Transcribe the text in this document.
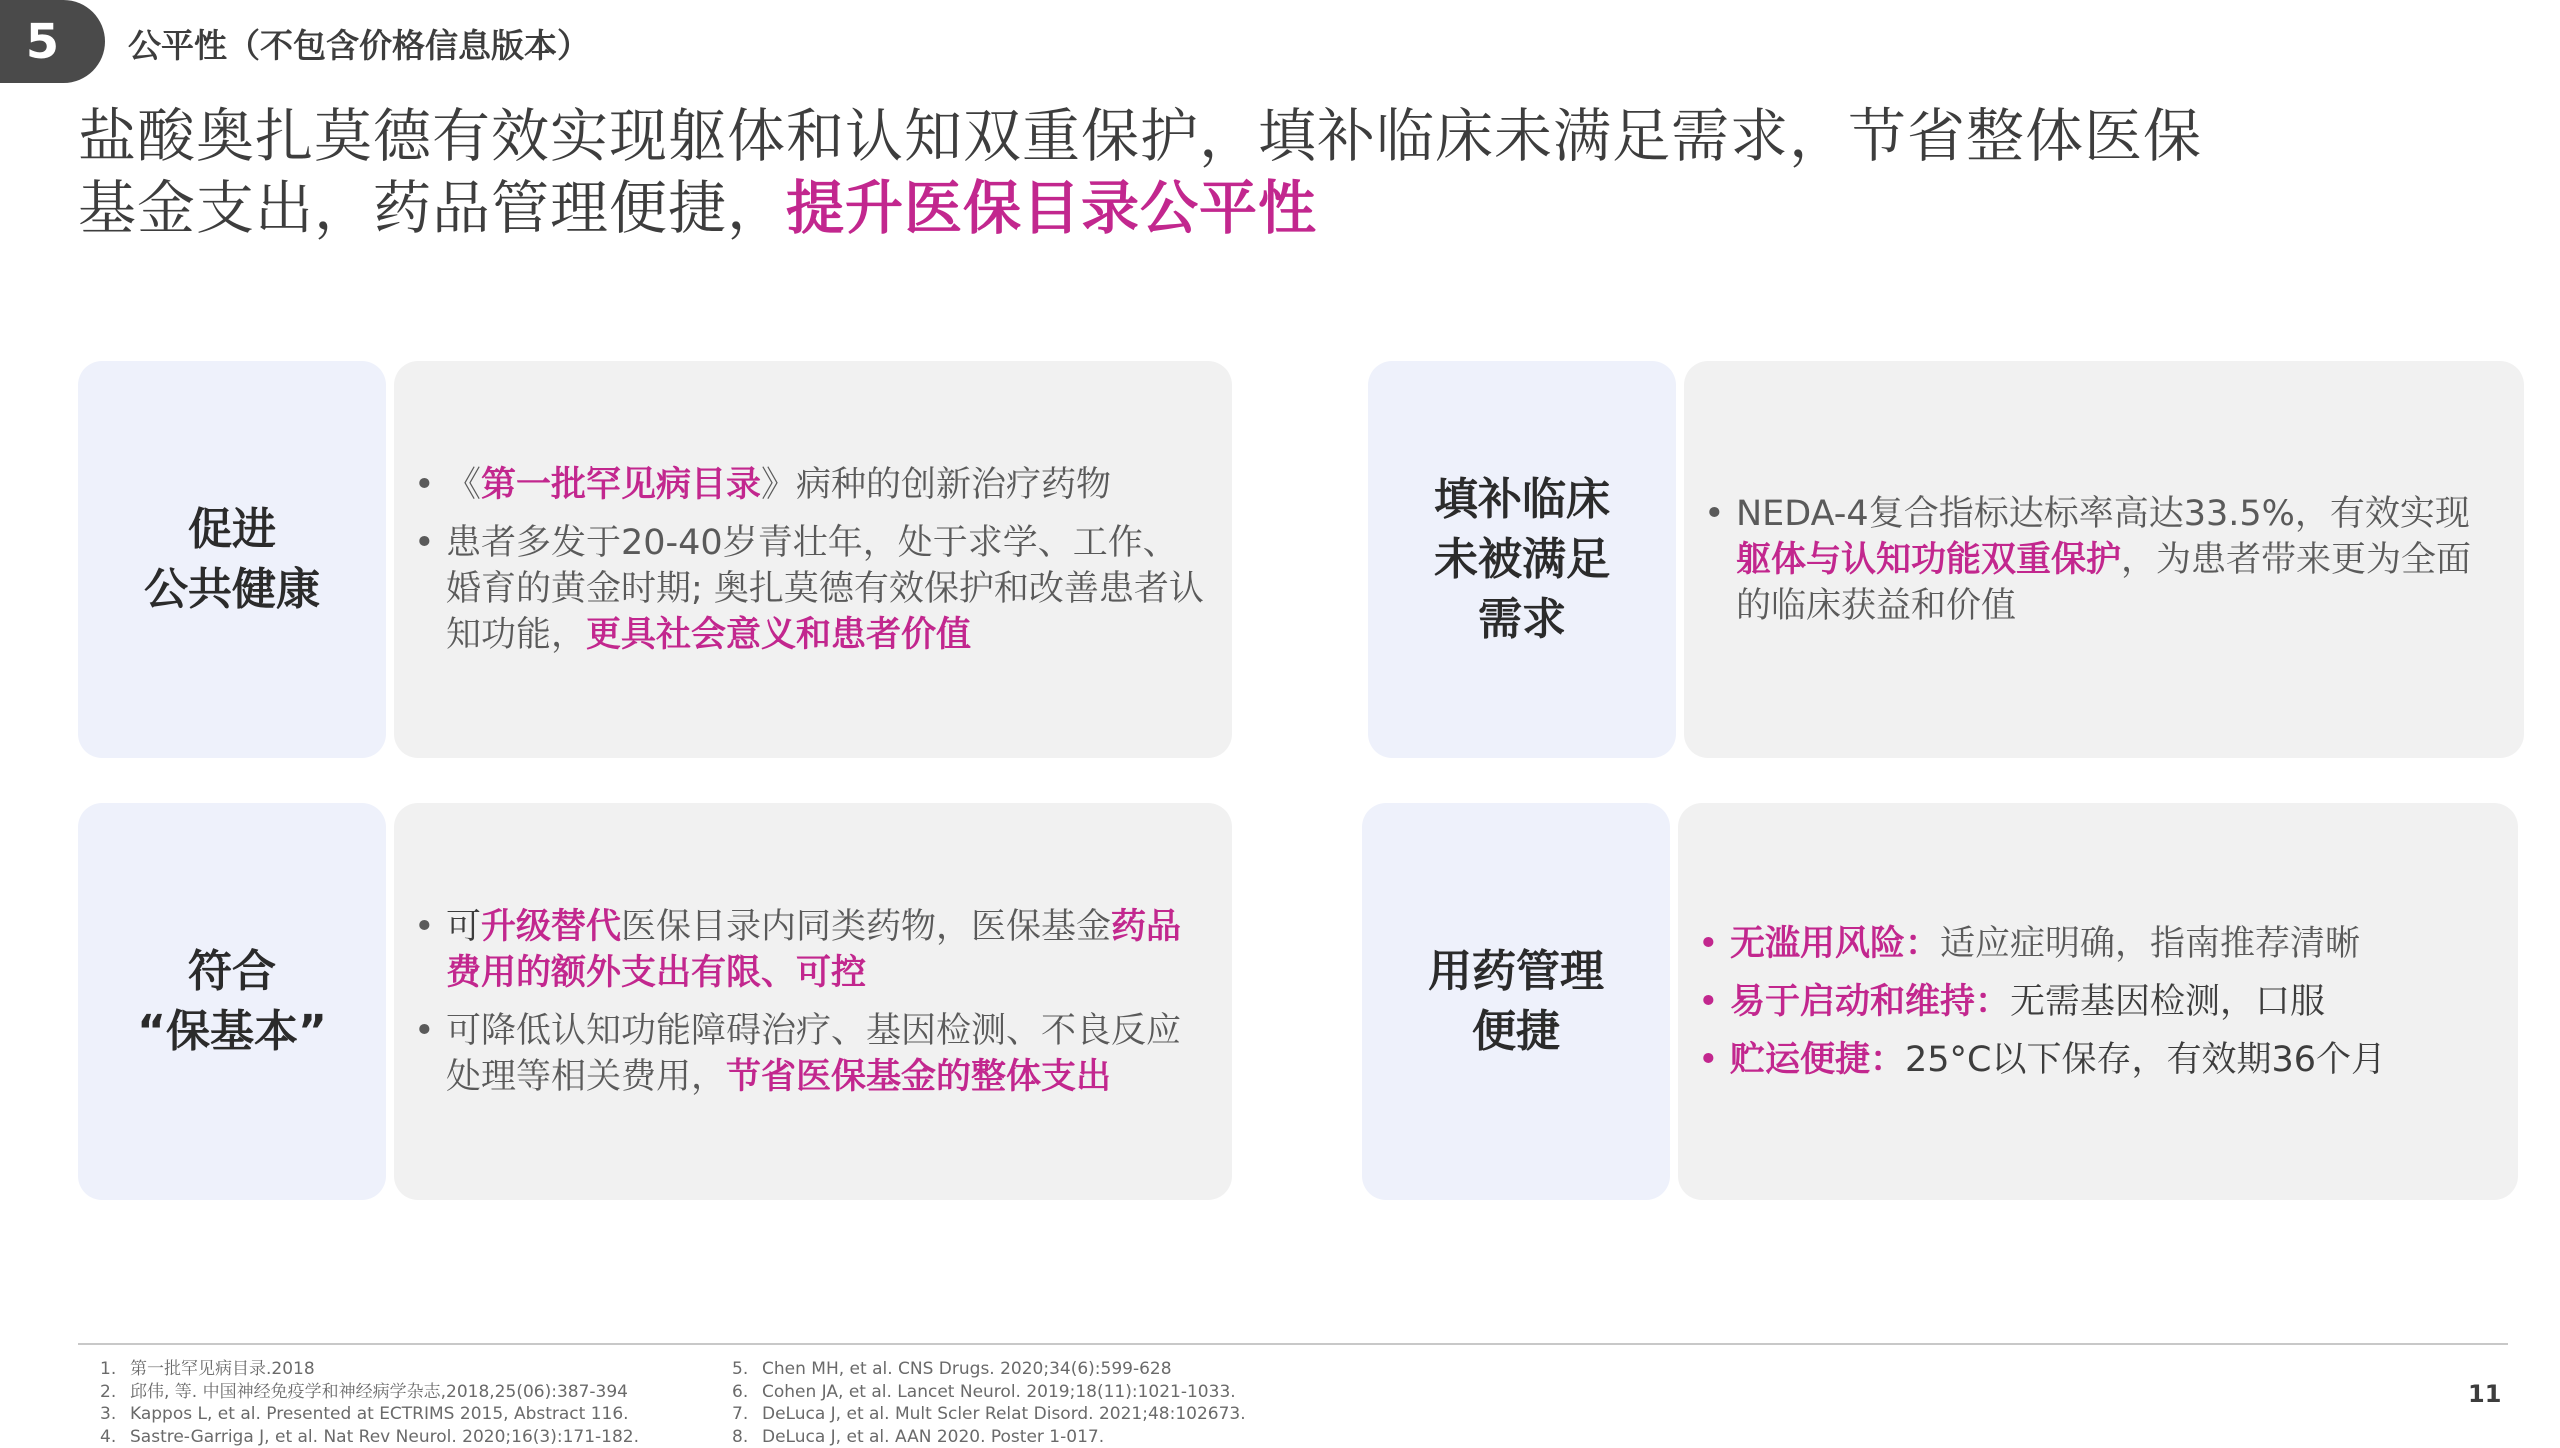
5	公平性（不包含价格信息版本）
盐酸奥扎莫德有效实现躯体和认知双重保护，填补临床未满足需求，节省整体医保
基金支出，药品管理便捷，提升医保目录公平性
促进
公共健康
• 《第一批罕见病目录》病种的创新治疗药物
• 患者多发于20-40岁青壮年，处于求学、工作、婚育的黄金时期; 奥扎莫德有效保护和改善患者认知功能，更具社会意义和患者价值
填补临床
未被满足
需求
• NEDA-4复合指标达标率高达33.5%，有效实现躯体与认知功能双重保护，为患者带来更为全面的临床获益和价值
符合
“保基本”
• 可升级替代医保目录内同类药物，医保基金药品费用的额外支出有限、可控
• 可降低认知功能障碍治疗、基因检测、不良反应处理等相关费用，节省医保基金的整体支出
用药管理
便捷
• 无滥用风险：适应症明确，指南推荐清晰
• 易于启动和维持：无需基因检测，口服
• 贮运便捷：25°C以下保存，有效期36个月
1. 第一批罕见病目录.2018
2. 邱伟, 等. 中国神经免疫学和神经病学杂志,2018,25(06):387-394
3. Kappos L, et al. Presented at ECTRIMS 2015, Abstract 116.
4. Sastre-Garriga J, et al. Nat Rev Neurol. 2020;16(3):171-182.
5. Chen MH, et al. CNS Drugs. 2020;34(6):599-628
6. Cohen JA, et al. Lancet Neurol. 2019;18(11):1021-1033.
7. DeLuca J, et al. Mult Scler Relat Disord. 2021;48:102673.
8. DeLuca J, et al. AAN 2020. Poster 1-017.
11
